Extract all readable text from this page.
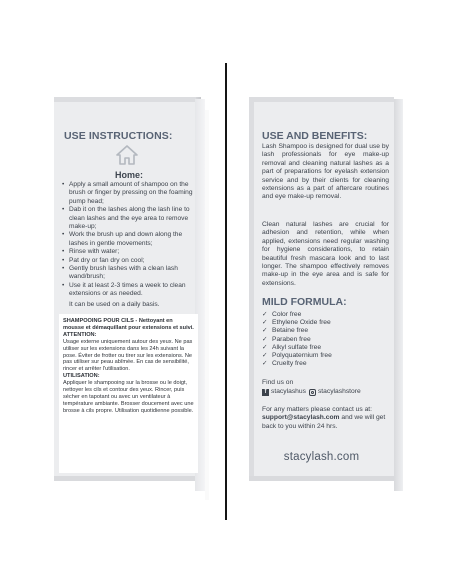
USE INSTRUCTIONS:
Home:
• Apply a small amount of shampoo on the brush or finger by pressing on the foaming pump head;
• Dab it on the lashes along the lash line to clean lashes and the eye area to remove make-up;
• Work the brush up and down along the lashes in gentle movements;
• Rinse with water;
• Pat dry or fan dry on cool;
• Gently brush lashes with a clean lash wand/brush;
• Use it at least 2-3 times a week to clean extensions or as needed.
It can be used on a daily basis.
SHAMPOOING POUR CILS - Nettoyant en mousse et démaquillant pour extensions et suivi.
ATTENTION:
Usage externe uniquement autour des yeux. Ne pas utiliser sur les extensions dans les 24h suivant la pose. Éviter de frotter ou tirer sur les extensions. Ne pas utiliser sur peau abîmée. En cas de sensibilité, rincer et arrêter l'utilisation.
UTILISATION:
Appliquer le shampooing sur la brosse ou le doigt, nettoyer les cils et contour des yeux. Rincer, puis sécher en tapotant ou avec un ventilateur à température ambiante. Brosser doucement avec une brosse à cils propre. Utilisation quotidienne possible.
USE AND BENEFITS:
Lash Shampoo is designed for dual use by lash professionals for eye make-up removal and cleaning natural lashes as a part of preparations for eyelash extension service and by their clients for cleaning extensions as a part of aftercare routines and eye make-up removal.
Clean natural lashes are crucial for adhesion and retention, while when applied, extensions need regular washing for hygiene considerations, to retain beautiful fresh mascara look and to last longer. The shampoo effectively removes make-up in the eye area and is safe for extensions.
MILD FORMULA:
✓ Color free
✓ Ethylene Oxide free
✓ Betaine free
✓ Paraben free
✓ Alkyl sulfate free
✓ Polyquaternium free
✓ Cruelty free
Find us on
f stacylashus stacylashstore
For any matters please contact us at: support@stacylash.com and we will get back to you within 24 hrs.
stacylash.com
